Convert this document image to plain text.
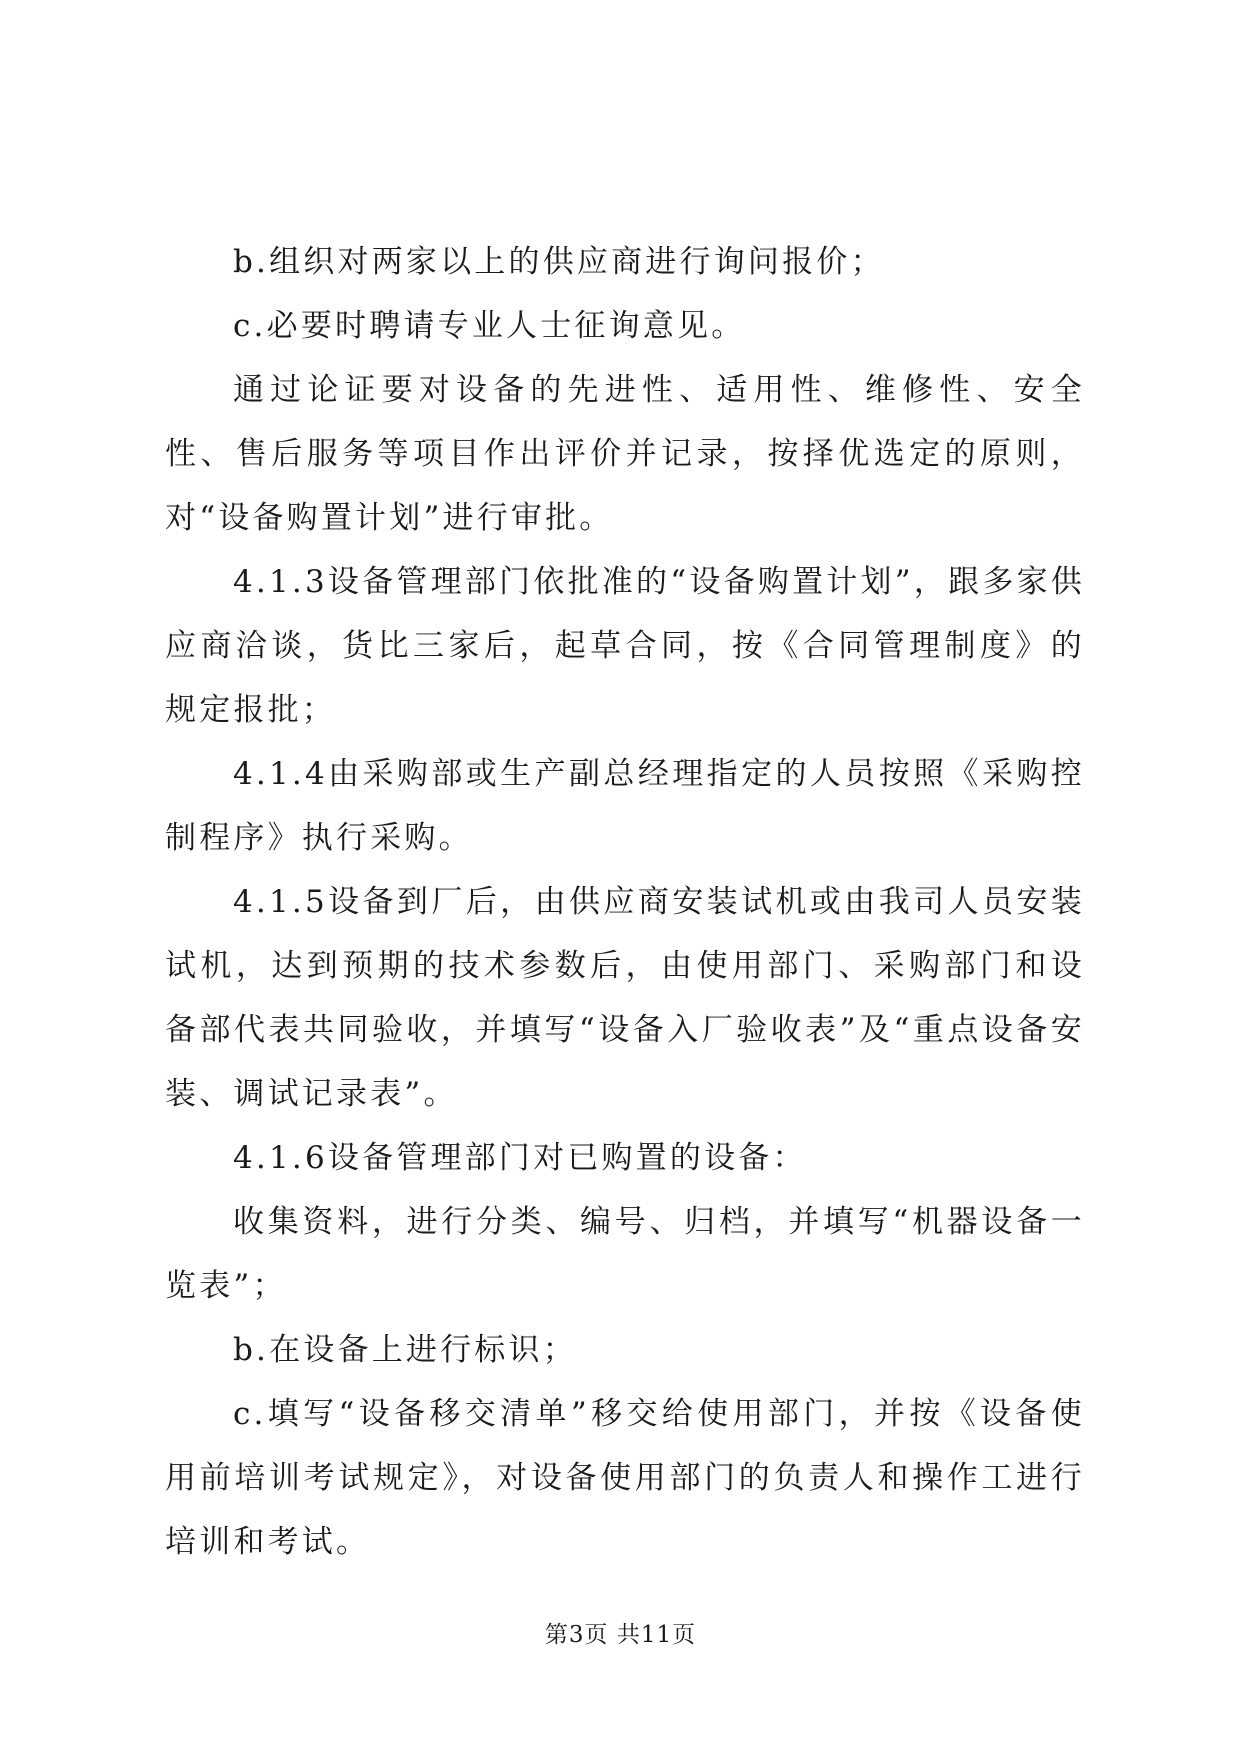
b.组织对两家以上的供应商进行询问报价；

c.必要时聘请专业人士征询意见。

通过论证要对设备的先进性、适用性、维修性、安全性、售后服务等项目作出评价并记录，按择优选定的原则，对“设备购置计划”进行审批。

4.1.3设备管理部门依批准的“设备购置计划”，跟多家供应商洽谈，货比三家后，起草合同，按《合同管理制度》的规定报批；

4.1.4由采购部或生产副总经理指定的人员按照《采购控制程序》执行采购。

4.1.5设备到厂后，由供应商安装试机或由我司人员安装试机，达到预期的技术参数后，由使用部门、采购部门和设备部代表共同验收，并填写“设备入厂验收表”及“重点设备安装、调试记录表”。

4.1.6设备管理部门对已购置的设备：

收集资料，进行分类、编号、归档，并填写“机器设备一览表”；

b.在设备上进行标识；

c.填写“设备移交清单”移交给使用部门，并按《设备使用前培训考试规定》，对设备使用部门的负责人和操作工进行培训和考试。

第3页 共11页
